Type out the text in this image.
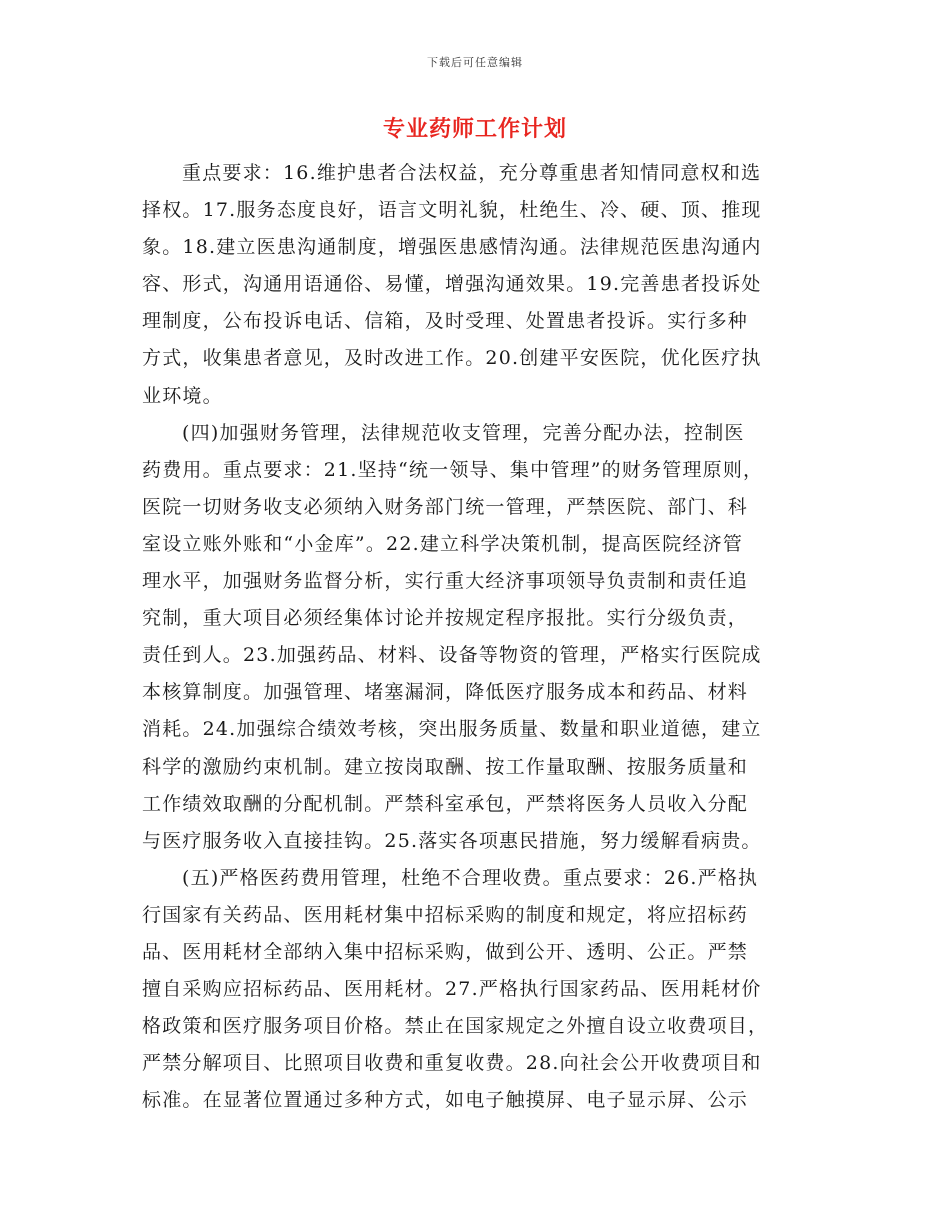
下载后可任意编辑
专业药师工作计划
重点要求：16.维护患者合法权益，充分尊重患者知情同意权和选
择权。17.服务态度良好，语言文明礼貌，杜绝生、冷、硬、顶、推现
象。18.建立医患沟通制度，增强医患感情沟通。法律规范医患沟通内
容、形式，沟通用语通俗、易懂，增强沟通效果。19.完善患者投诉处
理制度，公布投诉电话、信箱，及时受理、处置患者投诉。实行多种
方式，收集患者意见，及时改进工作。20.创建平安医院，优化医疗执
业环境。
(四)加强财务管理，法律规范收支管理，完善分配办法，控制医
药费用。重点要求：21.坚持“统一领导、集中管理”的财务管理原则，
医院一切财务收支必须纳入财务部门统一管理，严禁医院、部门、科
室设立账外账和“小金库”。22.建立科学决策机制，提高医院经济管
理水平，加强财务监督分析，实行重大经济事项领导负责制和责任追
究制，重大项目必须经集体讨论并按规定程序报批。实行分级负责，
责任到人。23.加强药品、材料、设备等物资的管理，严格实行医院成
本核算制度。加强管理、堵塞漏洞，降低医疗服务成本和药品、材料
消耗。24.加强综合绩效考核，突出服务质量、数量和职业道德，建立
科学的激励约束机制。建立按岗取酬、按工作量取酬、按服务质量和
工作绩效取酬的分配机制。严禁科室承包，严禁将医务人员收入分配
与医疗服务收入直接挂钩。25.落实各项惠民措施，努力缓解看病贵。
(五)严格医药费用管理，杜绝不合理收费。重点要求：26.严格执
行国家有关药品、医用耗材集中招标采购的制度和规定，将应招标药
品、医用耗材全部纳入集中招标采购，做到公开、透明、公正。严禁
擅自采购应招标药品、医用耗材。27.严格执行国家药品、医用耗材价
格政策和医疗服务项目价格。禁止在国家规定之外擅自设立收费项目，
严禁分解项目、比照项目收费和重复收费。28.向社会公开收费项目和
标准。在显著位置通过多种方式，如电子触摸屏、电子显示屏、公示
